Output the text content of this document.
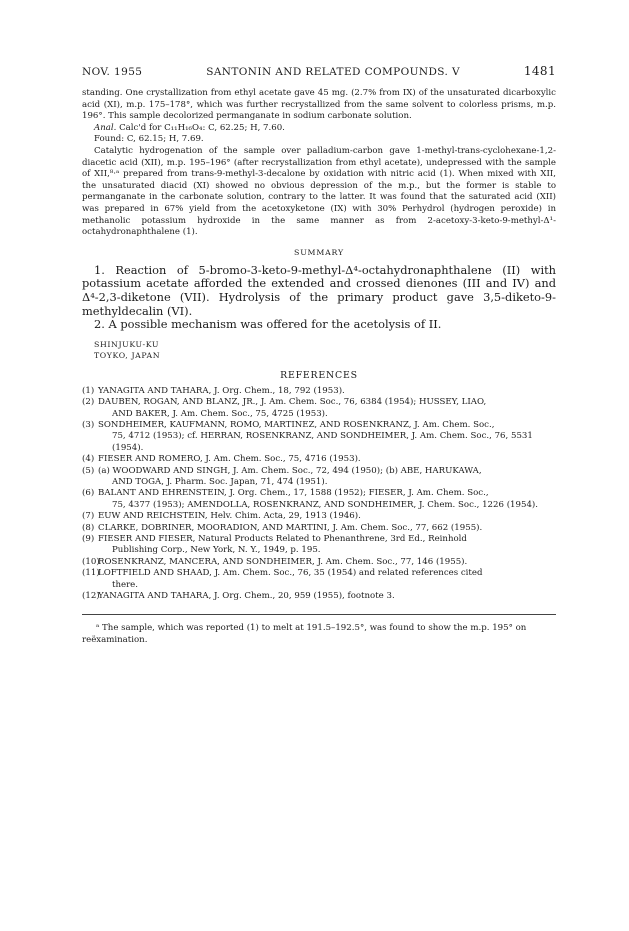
NOV. 1955	SANTONIN AND RELATED COMPOUNDS. V	1481

standing. One crystallization from ethyl acetate gave 45 mg. (2.7% from IX) of the unsaturated dicarboxylic acid (XI), m.p. 175–178°, which was further recrystallized from the same solvent to colorless prisms, m.p. 196°. This sample decolorized permanganate in sodium carbonate solution.

Anal. Calc'd for C₁₁H₁₆O₄: C, 62.25; H, 7.60.

Found: C, 62.15; H, 7.69.

Catalytic hydrogenation of the sample over palladium-carbon gave 1-methyl-trans-cyclohexane-1,2-diacetic acid (XII), m.p. 195–196° (after recrystallization from ethyl acetate), undepressed with the sample of XII,⁸·ᵃ prepared from trans-9-methyl-3-decalone by oxidation with nitric acid (1). When mixed with XII, the unsaturated diacid (XI) showed no obvious depression of the m.p., but the former is stable to permanganate in the carbonate solution, contrary to the latter. It was found that the saturated acid (XII) was prepared in 67% yield from the acetoxyketone (IX) with 30% Perhydrol (hydrogen peroxide) in methanolic potassium hydroxide in the same manner as from 2-acetoxy-3-keto-9-methyl-Δ¹-octahydronaphthalene (1).

SUMMARY

1. Reaction of 5-bromo-3-keto-9-methyl-Δ⁴-octahydronaphthalene (II) with potassium acetate afforded the extended and crossed dienones (III and IV) and Δ⁴-2,3-diketone (VII). Hydrolysis of the primary product gave 3,5-diketo-9-methyldecalin (VI).

2. A possible mechanism was offered for the acetolysis of II.

SHINJUKU-KU
TOYKO, JAPAN
REFERENCES
(1) YANAGITA AND TAHARA, J. Org. Chem., 18, 792 (1953).
(2) DAUBEN, ROGAN, AND BLANZ, JR., J. Am. Chem. Soc., 76, 6384 (1954); HUSSEY, LIAO,
AND BAKER, J. Am. Chem. Soc., 75, 4725 (1953).
(3) SONDHEIMER, KAUFMANN, ROMO, MARTINEZ, AND ROSENKRANZ, J. Am. Chem. Soc.,
75, 4712 (1953); cf. HERRAN, ROSENKRANZ, AND SONDHEIMER, J. Am. Chem. Soc., 76, 5531 (1954).
(4) FIESER AND ROMERO, J. Am. Chem. Soc., 75, 4716 (1953).
(5) (a) WOODWARD AND SINGH, J. Am. Chem. Soc., 72, 494 (1950); (b) ABE, HARUKAWA,
AND TOGA, J. Pharm. Soc. Japan, 71, 474 (1951).
(6) BALANT AND EHRENSTEIN, J. Org. Chem., 17, 1588 (1952); FIESER, J. Am. Chem. Soc.,
75, 4377 (1953); AMENDOLLA, ROSENKRANZ, AND SONDHEIMER, J. Chem. Soc., 1226 (1954).
(7) EUW AND REICHSTEIN, Helv. Chim. Acta, 29, 1913 (1946).
(8) CLARKE, DOBRINER, MOORADION, AND MARTINI, J. Am. Chem. Soc., 77, 662 (1955).
(9) FIESER AND FIESER, Natural Products Related to Phenanthrene, 3rd Ed., Reinhold
Publishing Corp., New York, N. Y., 1949, p. 195.
(10)
ROSENKRANZ, MANCERA, AND SONDHEIMER, J. Am. Chem. Soc., 77, 146 (1955).
(11)
LOFTFIELD AND SHAAD, J. Am. Chem. Soc., 76, 35 (1954) and related references cited
there.
(12)
YANAGITA AND TAHARA, J. Org. Chem., 20, 959 (1955), footnote 3.
ᵃ The sample, which was reported (1) to melt at 191.5–192.5°, was found to show the m.p. 195° on reëxamination.
